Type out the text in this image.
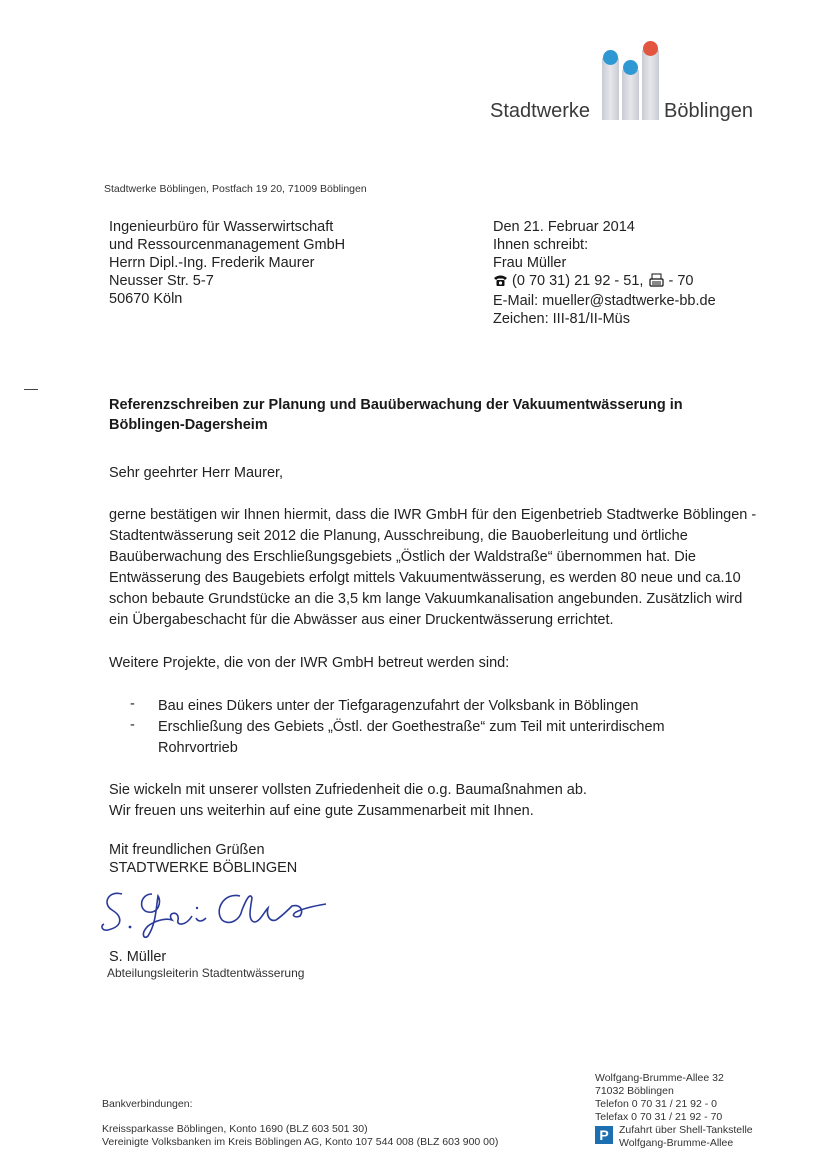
Stadtwerke	Böblingen
Stadtwerke Böblingen, Postfach 19 20, 71009 Böblingen
Ingenieurbüro für Wasserwirtschaft
und Ressourcenmanagement GmbH
Herrn Dipl.-Ing. Frederik Maurer
Neusser Str. 5-7
50670 Köln
Den 21. Februar 2014
Ihnen schreibt:
Frau Müller
(0 70 31) 21 92 - 51, - 70
E-Mail: mueller@stadtwerke-bb.de
Zeichen: III-81/II-Müs
Referenzschreiben zur Planung und Bauüberwachung der Vakuumentwässerung in Böblingen-Dagersheim
Sehr geehrter Herr Maurer,
gerne bestätigen wir Ihnen hiermit, dass die IWR GmbH für den Eigenbetrieb Stadtwerke Böblingen - Stadtentwässerung seit 2012 die Planung, Ausschreibung, die Bauoberleitung und örtliche Bauüberwachung des Erschließungsgebiets „Östlich der Waldstraße“ übernommen hat. Die Entwässerung des Baugebiets erfolgt mittels Vakuumentwässerung, es werden 80 neue und ca.10 schon bebaute Grundstücke an die 3,5 km lange Vakuumkanalisation angebunden. Zusätzlich wird ein Übergabeschacht für die Abwässer aus einer Druckentwässerung errichtet.
Weitere Projekte, die von der IWR GmbH betreut werden sind:
- Bau eines Dükers unter der Tiefgaragenzufahrt der Volksbank in Böblingen
- Erschließung des Gebiets „Östl. der Goethestraße“ zum Teil mit unterirdischem Rohrvortrieb
Sie wickeln mit unserer vollsten Zufriedenheit die o.g. Baumaßnahmen ab.
Wir freuen uns weiterhin auf eine gute Zusammenarbeit mit Ihnen.
Mit freundlichen Grüßen
STADTWERKE BÖBLINGEN
S. Müller
Abteilungsleiterin Stadtentwässerung
Bankverbindungen:
Kreissparkasse Böblingen, Konto 1690 (BLZ 603 501 30)
Vereinigte Volksbanken im Kreis Böblingen AG, Konto 107 544 008 (BLZ 603 900 00)
Wolfgang-Brumme-Allee 32
71032 Böblingen
Telefon 0 70 31 / 21 92 - 0
Telefax 0 70 31 / 21 92 - 70
P Zufahrt über Shell-Tankstelle
Wolfgang-Brumme-Allee
